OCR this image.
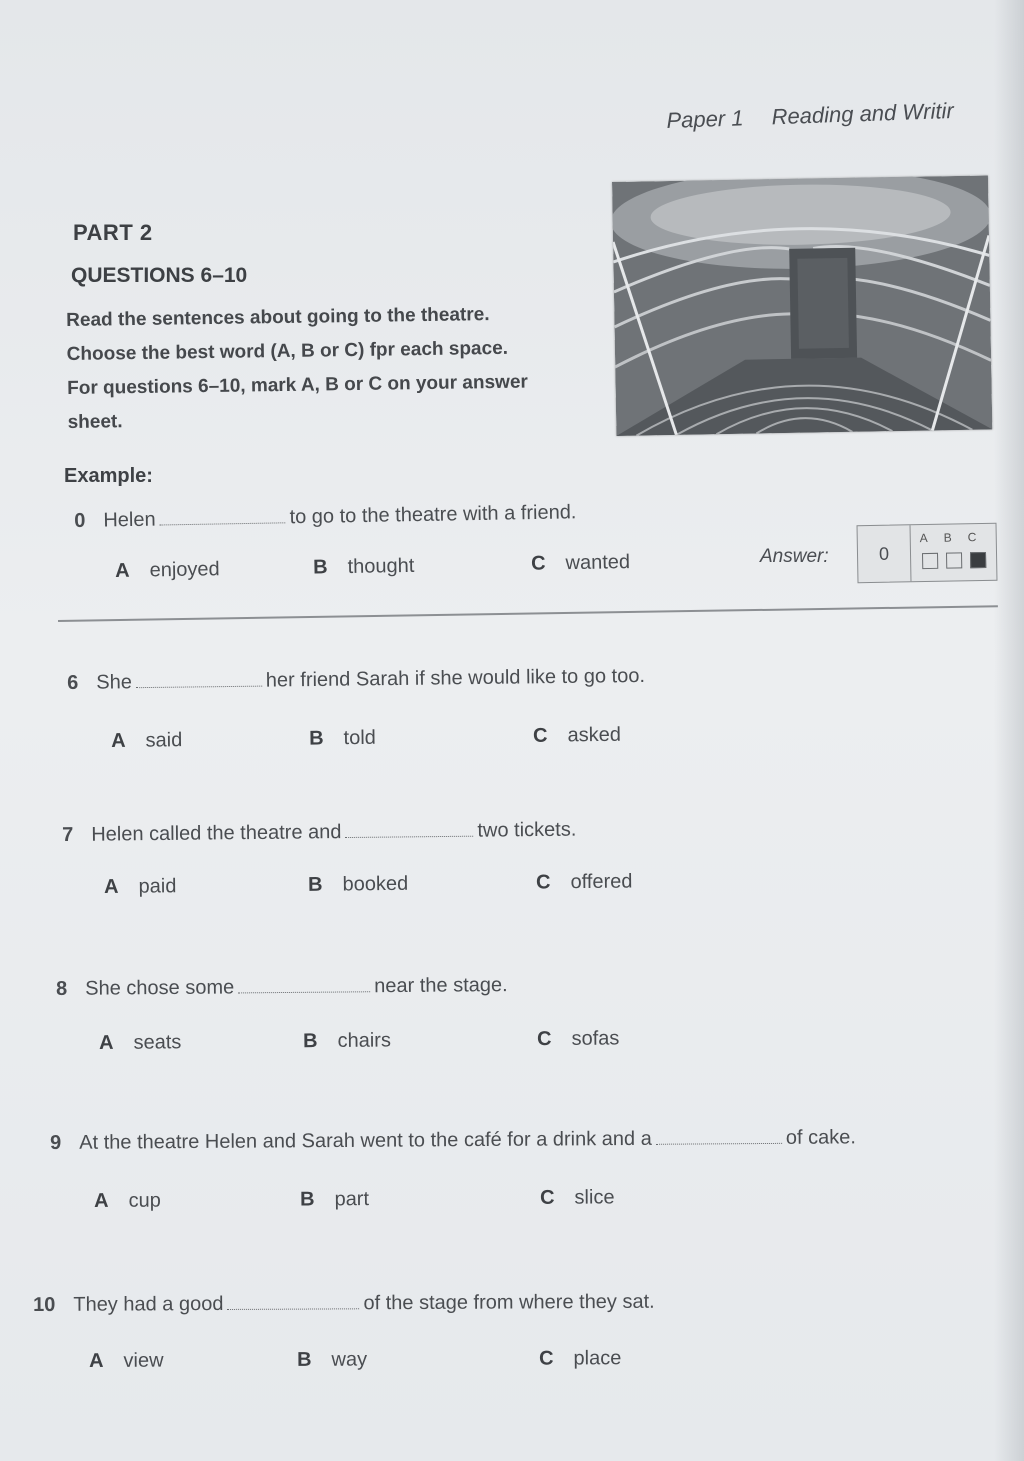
Paper 1 Reading and Writir
PART 2
QUESTIONS 6–10
Read the sentences about going to the theatre.
Choose the best word (A, B or C) fpr each space.
For questions 6–10, mark A, B or C on your answer
sheet.
Example:
0 Helen	to go to the theatre with a friend.
A enjoyed	B thought	C wanted	Answer:	0
ABC
6 She	her friend Sarah if she would like to go too.
A said	B told	C asked
7 Helen called the theatre and	two tickets.
A paid	B booked	C offered
8 She chose some	near the stage.
A seats	B chairs	C sofas
9 At the theatre Helen and Sarah went to the café for a drink and a	of cake.
A cup	B part	C slice
10 They had a good	of the stage from where they sat.
A view	B way	C place
